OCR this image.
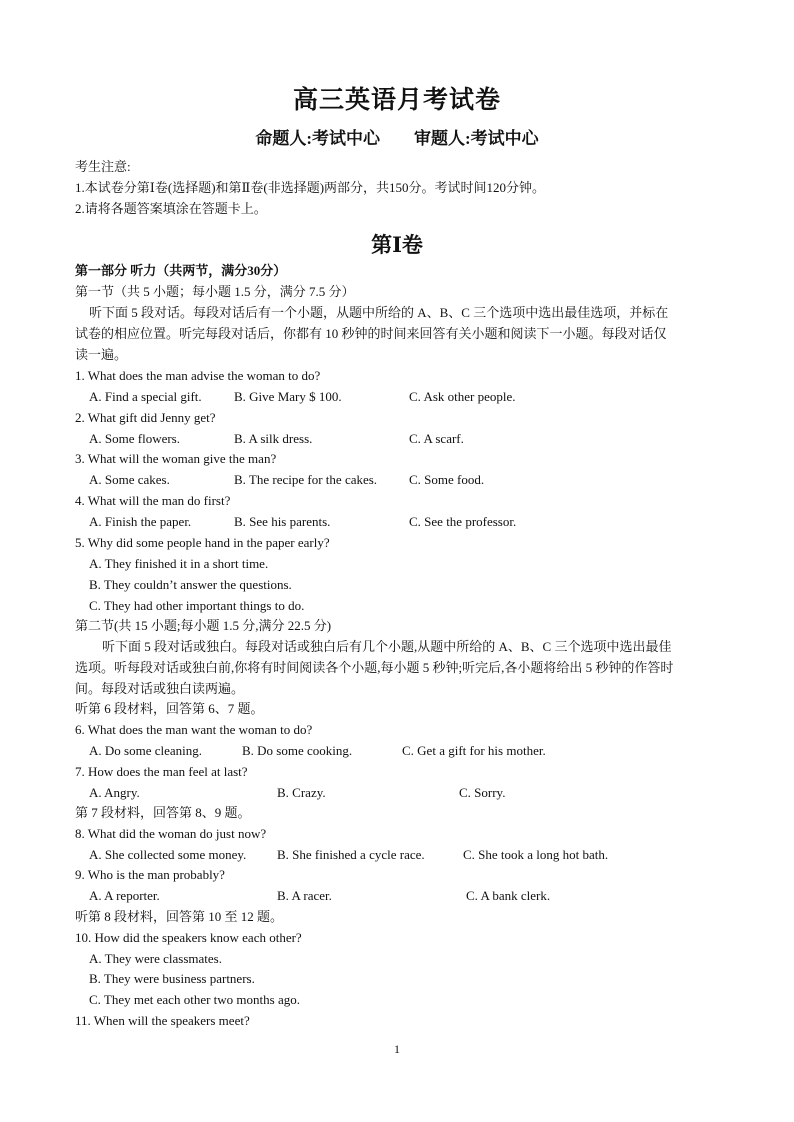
高三英语月考试卷
命题人:考试中心        审题人:考试中心
考生注意:
1.本试卷分第Ⅰ卷(选择题)和第Ⅱ卷(非选择题)两部分，共150分。考试时间120分钟。
2.请将各题答案填涂在答题卡上。
第Ⅰ卷
第一部分 听力（共两节，满分30分）
第一节（共 5 小题；每小题 1.5 分，满分 7.5 分）
听下面 5 段对话。每段对话后有一个小题，从题中所给的 A、B、C 三个选项中选出最佳选项，并标在
试卷的相应位置。听完每段对话后，你都有 10 秒钟的时间来回答有关小题和阅读下一小题。每段对话仅
读一遍。
1. What does the man advise the woman to do?
A. Find a special gift. B. Give Mary $ 100.	C. Ask other people.
2. What gift did Jenny get?
A. Some flowers.	B. A silk dress.	C. A scarf.
3. What will the woman give the man?
A. Some cakes.	B. The recipe for the cakes. C. Some food.
4. What will the man do first?
A. Finish the paper.	B. See his parents.	C. See the professor.
5. Why did some people hand in the paper early?
A. They finished it in a short time.
B. They couldn’t answer the questions.
C. They had other important things to do.
第二节(共 15 小题;每小题 1.5 分,满分 22.5 分)
听下面 5 段对话或独白。每段对话或独白后有几个小题,从题中所给的 A、B、C 三个选项中选出最佳
选项。听每段对话或独白前,你将有时间阅读各个小题,每小题 5 秒钟;听完后,各小题将给出 5 秒钟的作答时
间。每段对话或独白读两遍。
听第 6 段材料，回答第 6、7 题。
6. What does the man want the woman to do?
A. Do some cleaning.	B. Do some cooking.	C. Get a gift for his mother.
7. How does the man feel at last?
A. Angry.	B. Crazy.	C. Sorry.
第 7 段材料，回答第 8、9 题。
8. What did the woman do just now?
A. She collected some money. B. She finished a cycle race.	C. She took a long hot bath.
9. Who is the man probably?
A. A reporter.	B. A racer.	C. A bank clerk.
听第 8 段材料，回答第 10 至 12 题。
10. How did the speakers know each other?
A. They were classmates.
B. They were business partners.
C. They met each other two months ago.
11. When will the speakers meet?
1
